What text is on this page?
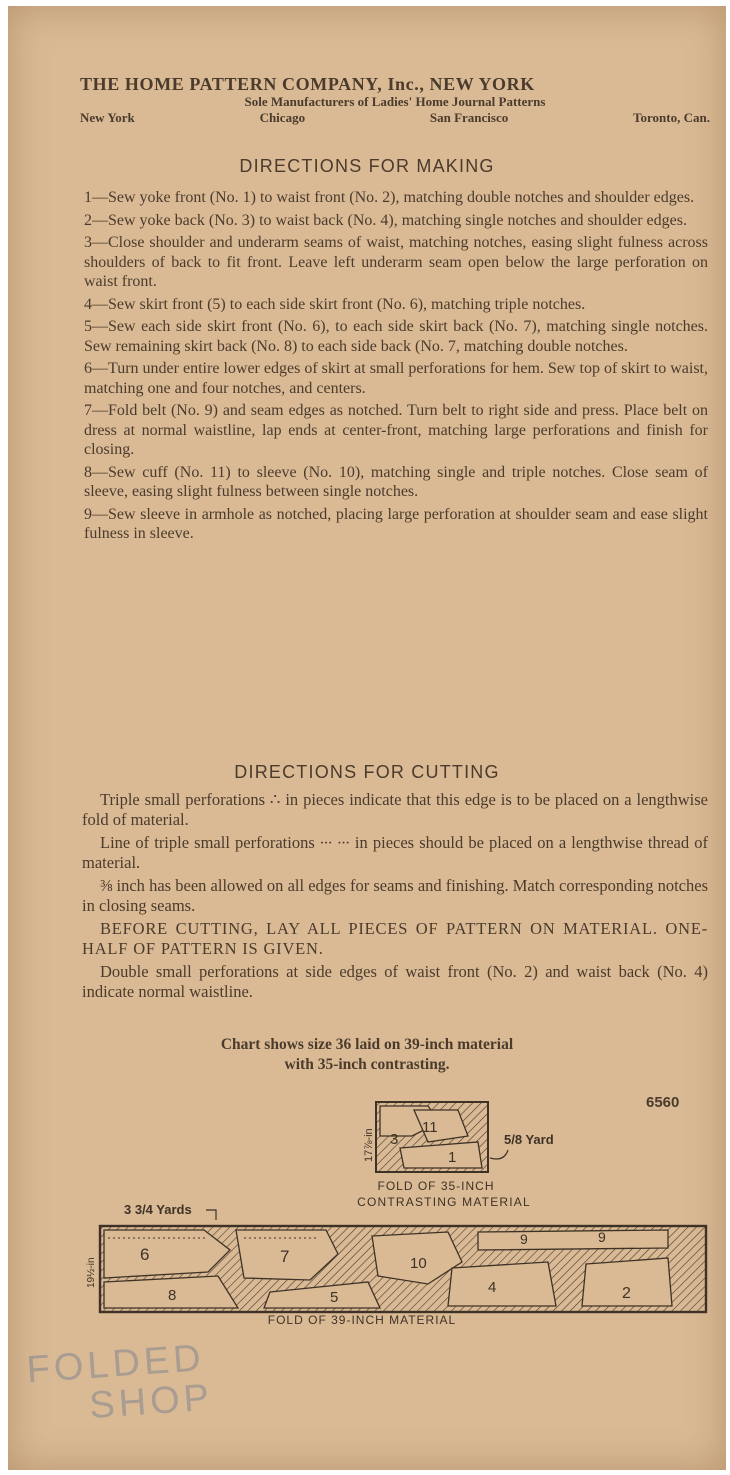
THE HOME PATTERN COMPANY, Inc., NEW YORK
Sole Manufacturers of Ladies' Home Journal Patterns
New York	Chicago	San Francisco	Toronto, Can.
DIRECTIONS FOR MAKING
1—Sew yoke front (No. 1) to waist front (No. 2), matching double notches and shoulder edges.
2—Sew yoke back (No. 3) to waist back (No. 4), matching single notches and shoulder edges.
3—Close shoulder and underarm seams of waist, matching notches, easing slight fulness across shoulders of back to fit front. Leave left underarm seam open below the large perforation on waist front.
4—Sew skirt front (5) to each side skirt front (No. 6), matching triple notches.
5—Sew each side skirt front (No. 6), to each side skirt back (No. 7), matching single notches. Sew remaining skirt back (No. 8) to each side back (No. 7, matching double notches.
6—Turn under entire lower edges of skirt at small perforations for hem. Sew top of skirt to waist, matching one and four notches, and centers.
7—Fold belt (No. 9) and seam edges as notched. Turn belt to right side and press. Place belt on dress at normal waistline, lap ends at center-front, matching large perforations and finish for closing.
8—Sew cuff (No. 11) to sleeve (No. 10), matching single and triple notches. Close seam of sleeve, easing slight fulness between single notches.
9—Sew sleeve in armhole as notched, placing large perforation at shoulder seam and ease slight fulness in sleeve.
DIRECTIONS FOR CUTTING

Triple small perforations ∴ in pieces indicate that this edge is to be placed on a lengthwise fold of material.

Line of triple small perforations ∙∙∙ ∙∙∙ in pieces should be placed on a lengthwise thread of material.

⅜ inch has been allowed on all edges for seams and finishing. Match corresponding notches in closing seams.

BEFORE CUTTING, LAY ALL PIECES OF PATTERN ON MATERIAL. ONE-HALF OF PATTERN IS GIVEN.

Double small perforations at side edges of waist front (No. 2) and waist back (No. 4) indicate normal waistline.

Chart shows size 36 laid on 39-inch material
with 35-inch contrasting.
6560
3
11
1
17⅞-in	5/8 Yard
FOLD OF 35-INCH
CONTRASTING MATERIAL
3 3/4 Yards
6	7	10
9	9
8	5
4	2
19½-in
FOLD OF 39-INCH MATERIAL
FOLDED
SHOP
